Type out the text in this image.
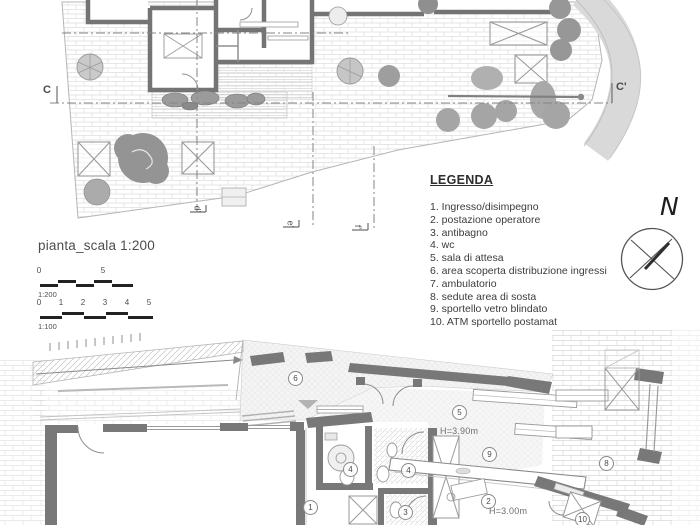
C	C'
d'
e'	f'
pianta_scala 1:200
0	5
1:200
0	1	2	3	4	5
1:100
LEGENDA
1. Ingresso/disimpegno
2. postazione operatore
3. antibagno
4. wc
5. sala di attesa
6. area scoperta distribuzione ingressi
7. ambulatorio
8. sedute area di sosta
9. sportello vetro blindato
10. ATM sportello postamat
N
1
2
3
4	4
5
6
8
9
10
H=3.90m
H=3.00m
